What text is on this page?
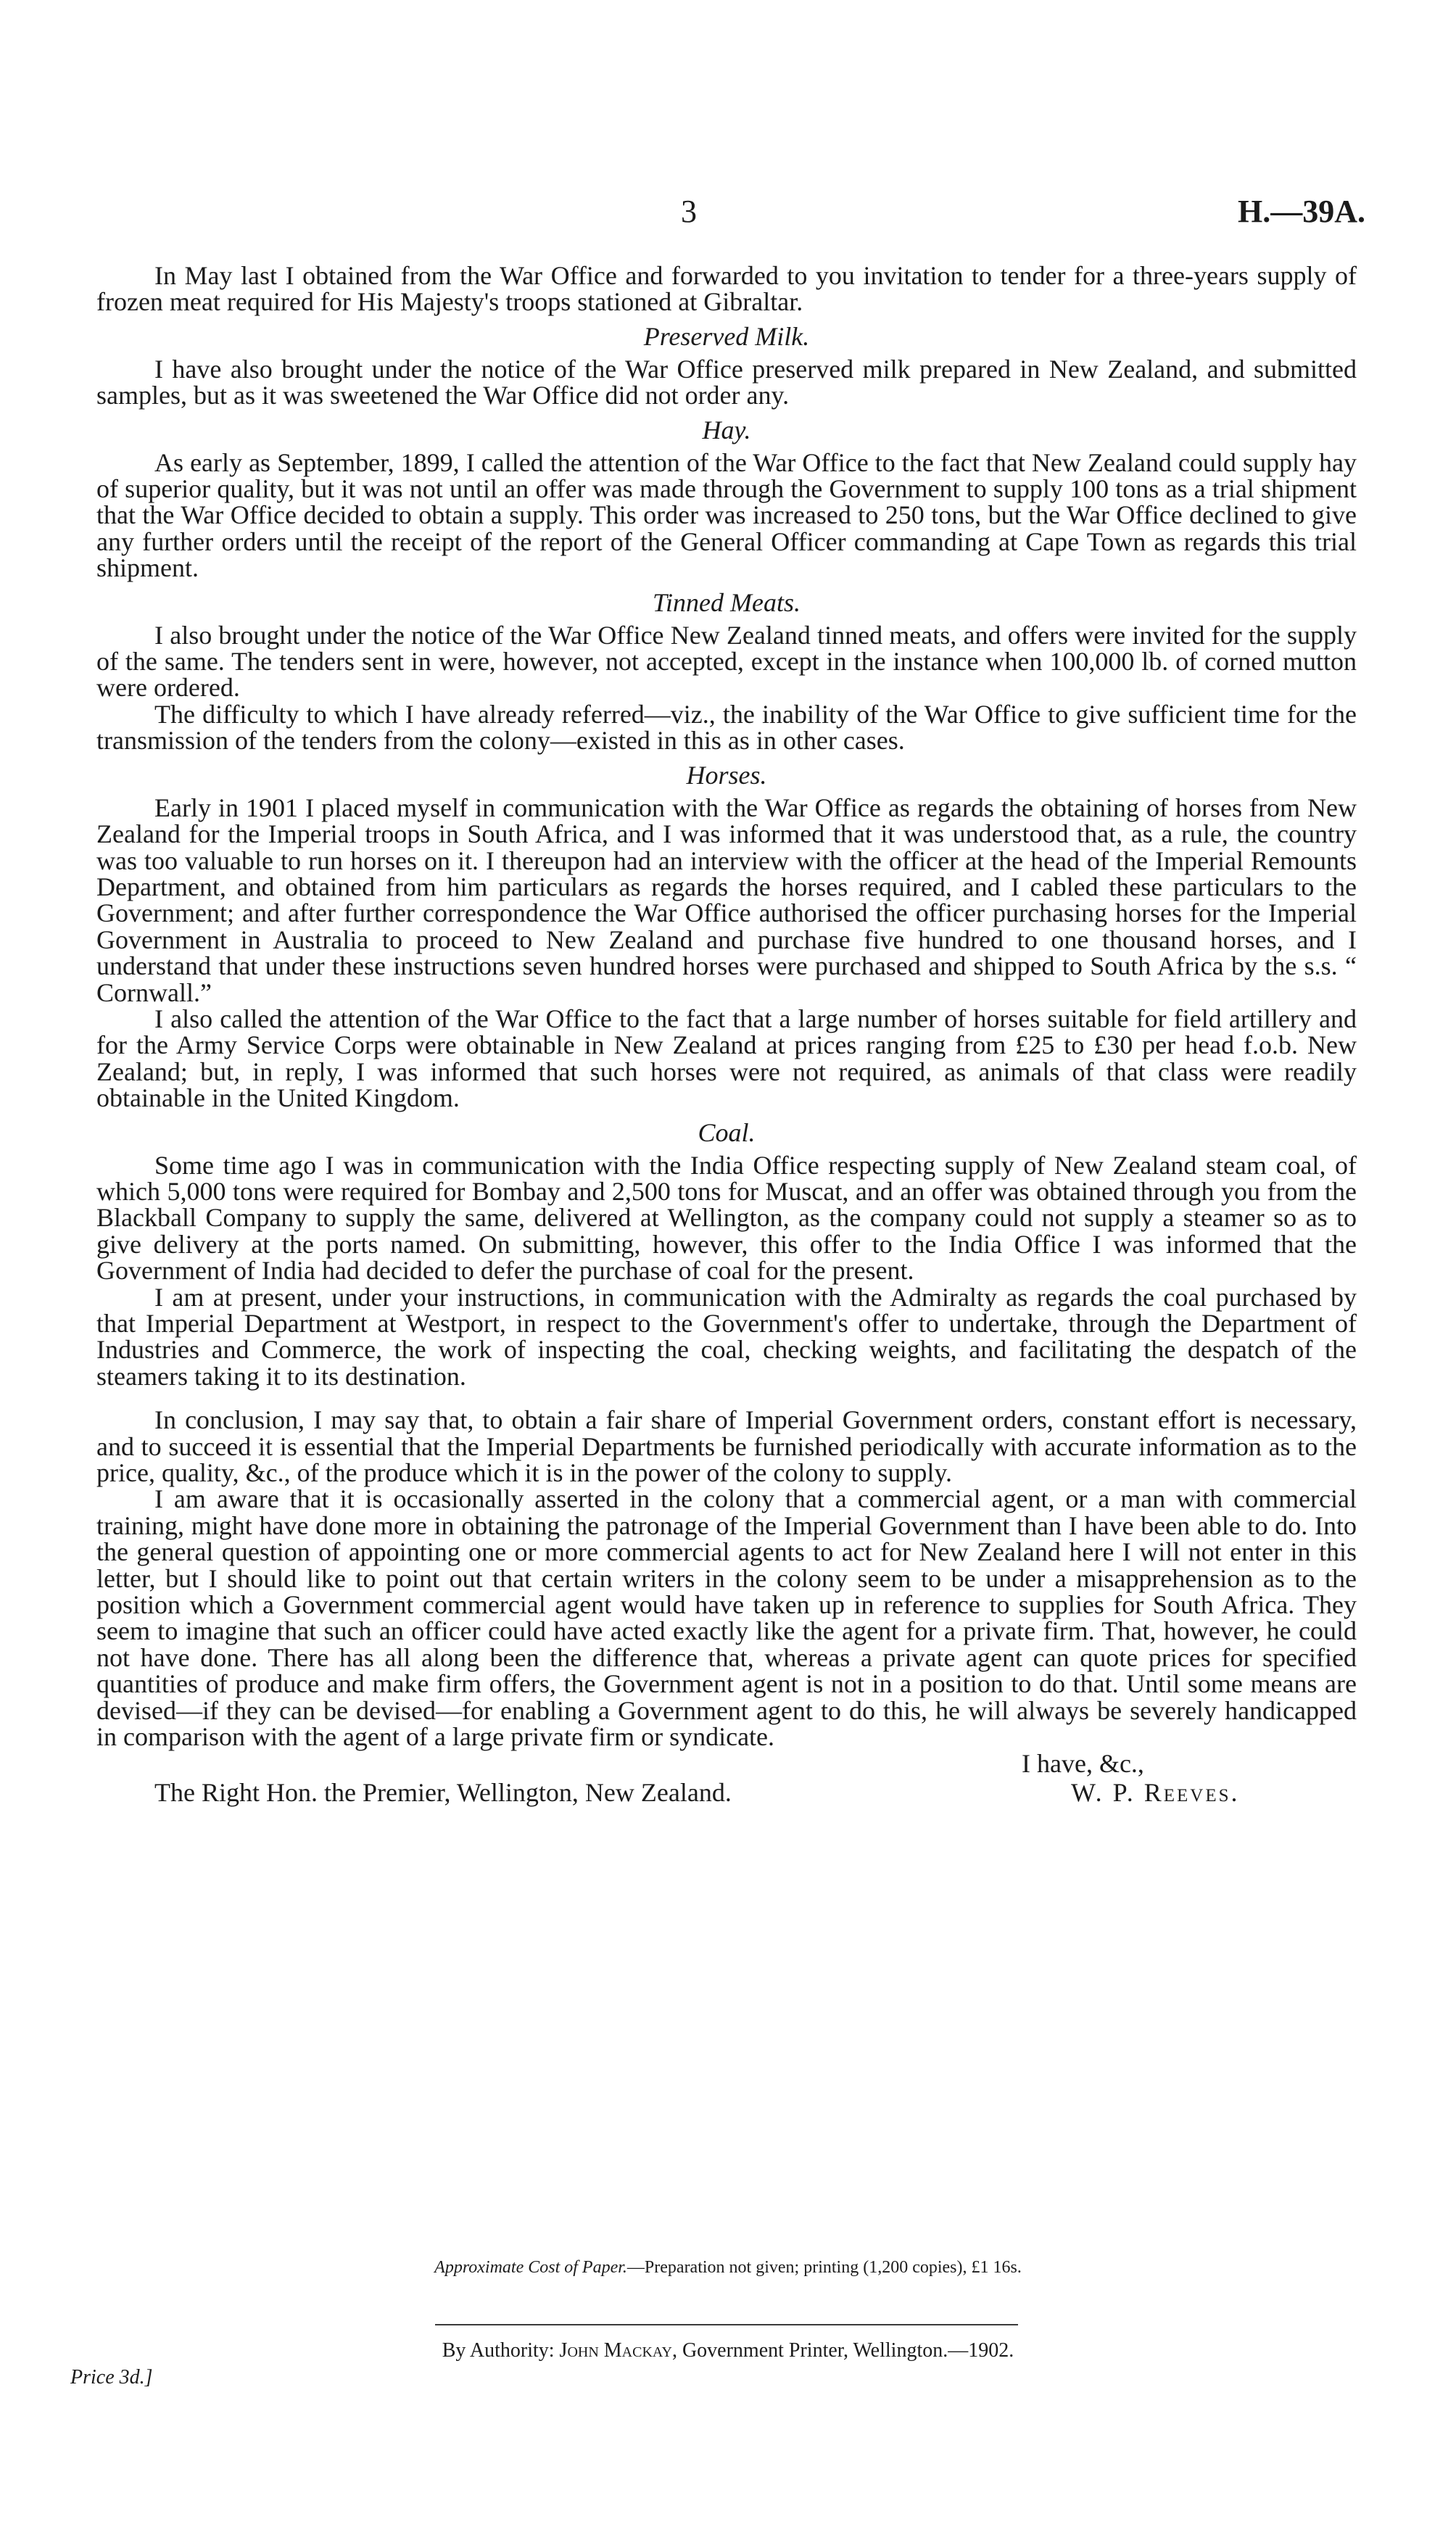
3	H.—39A.

In May last I obtained from the War Office and forwarded to you invitation to tender for a three-years supply of frozen meat required for His Majesty's troops stationed at Gibraltar.

Preserved Milk.

I have also brought under the notice of the War Office preserved milk prepared in New Zealand, and submitted samples, but as it was sweetened the War Office did not order any.

Hay.

As early as September, 1899, I called the attention of the War Office to the fact that New Zealand could supply hay of superior quality, but it was not until an offer was made through the Government to supply 100 tons as a trial shipment that the War Office decided to obtain a supply. This order was increased to 250 tons, but the War Office declined to give any further orders until the receipt of the report of the General Officer commanding at Cape Town as regards this trial shipment.

Tinned Meats.

I also brought under the notice of the War Office New Zealand tinned meats, and offers were invited for the supply of the same. The tenders sent in were, however, not accepted, except in the instance when 100,000 lb. of corned mutton were ordered.

The difficulty to which I have already referred—viz., the inability of the War Office to give sufficient time for the transmission of the tenders from the colony—existed in this as in other cases.

Horses.

Early in 1901 I placed myself in communication with the War Office as regards the obtaining of horses from New Zealand for the Imperial troops in South Africa, and I was informed that it was understood that, as a rule, the country was too valuable to run horses on it. I thereupon had an interview with the officer at the head of the Imperial Remounts Department, and obtained from him particulars as regards the horses required, and I cabled these particulars to the Government; and after further correspondence the War Office authorised the officer purchasing horses for the Imperial Government in Australia to proceed to New Zealand and purchase five hundred to one thousand horses, and I understand that under these instructions seven hundred horses were purchased and shipped to South Africa by the s.s. “ Cornwall.”

I also called the attention of the War Office to the fact that a large number of horses suitable for field artillery and for the Army Service Corps were obtainable in New Zealand at prices ranging from £25 to £30 per head f.o.b. New Zealand; but, in reply, I was informed that such horses were not required, as animals of that class were readily obtainable in the United Kingdom.

Coal.

Some time ago I was in communication with the India Office respecting supply of New Zealand steam coal, of which 5,000 tons were required for Bombay and 2,500 tons for Muscat, and an offer was obtained through you from the Blackball Company to supply the same, delivered at Wellington, as the company could not supply a steamer so as to give delivery at the ports named. On submitting, however, this offer to the India Office I was informed that the Government of India had decided to defer the purchase of coal for the present.

I am at present, under your instructions, in communication with the Admiralty as regards the coal purchased by that Imperial Department at Westport, in respect to the Government's offer to undertake, through the Department of Industries and Commerce, the work of inspecting the coal, checking weights, and facilitating the despatch of the steamers taking it to its destination.

In conclusion, I may say that, to obtain a fair share of Imperial Government orders, constant effort is necessary, and to succeed it is essential that the Imperial Departments be furnished periodically with accurate information as to the price, quality, &c., of the produce which it is in the power of the colony to supply.

I am aware that it is occasionally asserted in the colony that a commercial agent, or a man with commercial training, might have done more in obtaining the patronage of the Imperial Government than I have been able to do. Into the general question of appointing one or more commercial agents to act for New Zealand here I will not enter in this letter, but I should like to point out that certain writers in the colony seem to be under a misapprehension as to the position which a Government commercial agent would have taken up in reference to supplies for South Africa. They seem to imagine that such an officer could have acted exactly like the agent for a private firm. That, however, he could not have done. There has all along been the difference that, whereas a private agent can quote prices for specified quantities of produce and make firm offers, the Government agent is not in a position to do that. Until some means are devised—if they can be devised—for enabling a Government agent to do this, he will always be severely handicapped in comparison with the agent of a large private firm or syndicate.

I have, &c.,
The Right Hon. the Premier, Wellington, New Zealand.	W. P. Reeves.
Approximate Cost of Paper.—Preparation not given; printing (1,200 copies), £1 16s.
By Authority: John Mackay, Government Printer, Wellington.—1902.
Price 3d.]
